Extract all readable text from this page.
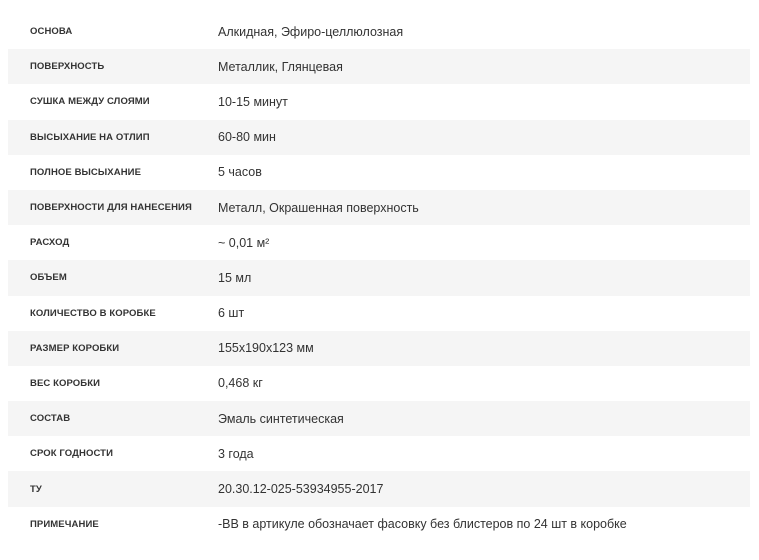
ОСНОВА	Алкидная, Эфиро-целлюлозная
ПОВЕРХНОСТЬ	Металлик, Глянцевая
СУШКА МЕЖДУ СЛОЯМИ	10-15 минут
ВЫСЫХАНИЕ НА ОТЛИП	60-80 мин
ПОЛНОЕ ВЫСЫХАНИЕ	5 часов
ПОВЕРХНОСТИ ДЛЯ НАНЕСЕНИЯ	Металл, Окрашенная поверхность
РАСХОД	~ 0,01 м²
ОБЪЕМ	15 мл
КОЛИЧЕСТВО В КОРОБКЕ	6 шт
РАЗМЕР КОРОБКИ	155x190x123 мм
ВЕС КОРОБКИ	0,468 кг
СОСТАВ	Эмаль синтетическая
СРОК ГОДНОСТИ	3 года
ТУ	20.30.12-025-53934955-2017
ПРИМЕЧАНИЕ	-BB в артикуле обозначает фасовку без блистеров по 24 шт в коробке
